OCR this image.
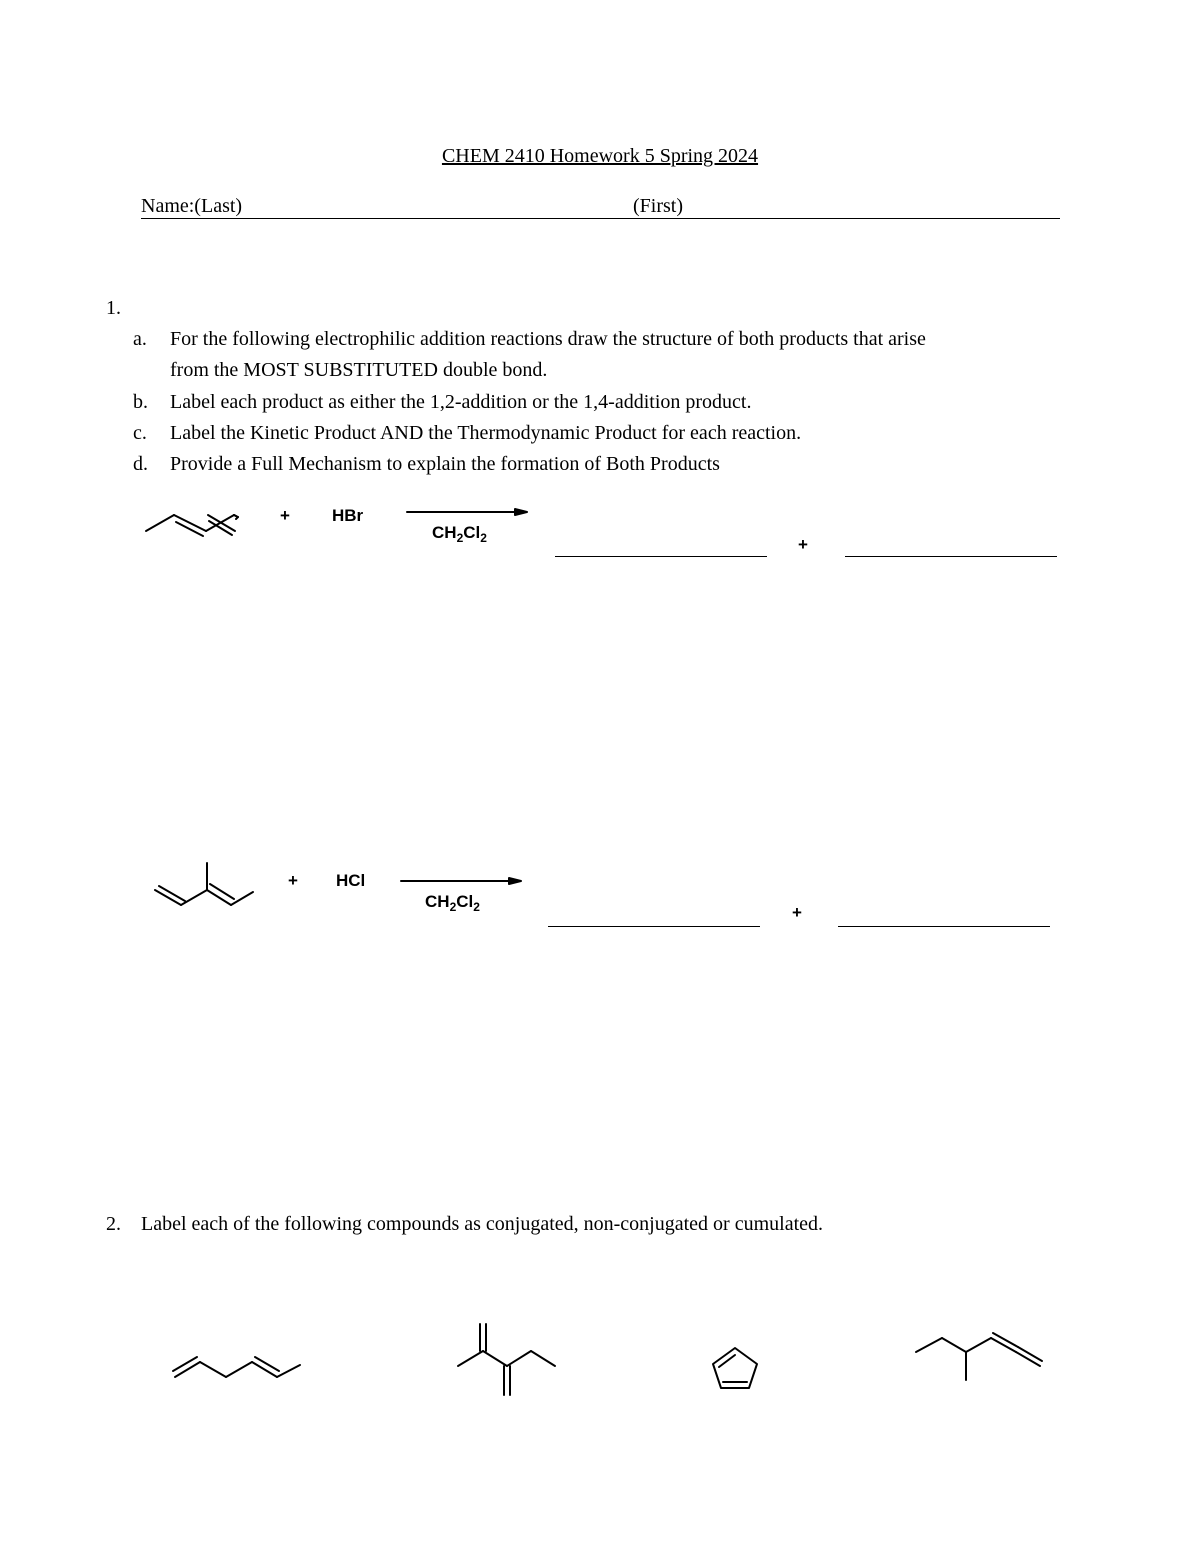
CHEM 2410 Homework 5 Spring 2024
Name:(Last)	(First)
1.
a. For the following electrophilic addition reactions draw the structure of both products that arise
from the MOST SUBSTITUTED double bond.
b. Label each product as either the 1,2-addition or the 1,4-addition product.
c. Label the Kinetic Product AND the Thermodynamic Product for each reaction.
d. Provide a Full Mechanism to explain the formation of Both Products
+ HBr
$CH_2Cl_2$	+
+ HCl
$CH_2Cl_2$	+
2. Label each of the following compounds as conjugated, non-conjugated or cumulated.
